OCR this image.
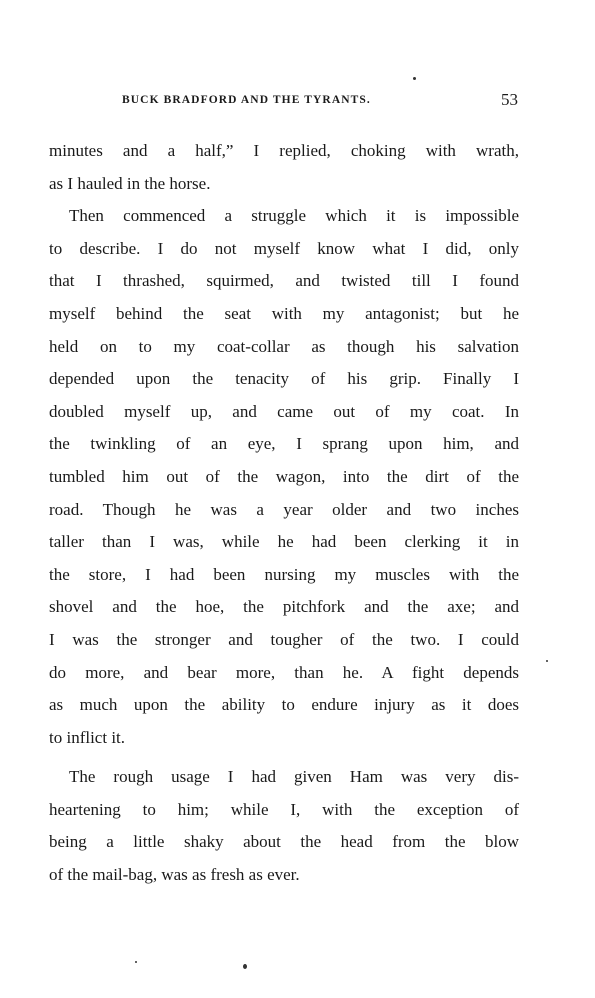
BUCK BRADFORD AND THE TYRANTS.	53
minutes and a half,” I replied, choking with wrath,
as I hauled in the horse.
Then commenced a struggle which it is impossible
to describe. I do not myself know what I did, only
that I thrashed, squirmed, and twisted till I found
myself behind the seat with my antagonist; but he
held on to my coat-collar as though his salvation
depended upon the tenacity of his grip. Finally I
doubled myself up, and came out of my coat. In
the twinkling of an eye, I sprang upon him, and
tumbled him out of the wagon, into the dirt of the
road. Though he was a year older and two inches
taller than I was, while he had been clerking it in
the store, I had been nursing my muscles with the
shovel and the hoe, the pitchfork and the axe; and
I was the stronger and tougher of the two. I could
do more, and bear more, than he. A fight depends
as much upon the ability to endure injury as it does
to inflict it.
The rough usage I had given Ham was very dis-
heartening to him; while I, with the exception of
being a little shaky about the head from the blow
of the mail-bag, was as fresh as ever.
